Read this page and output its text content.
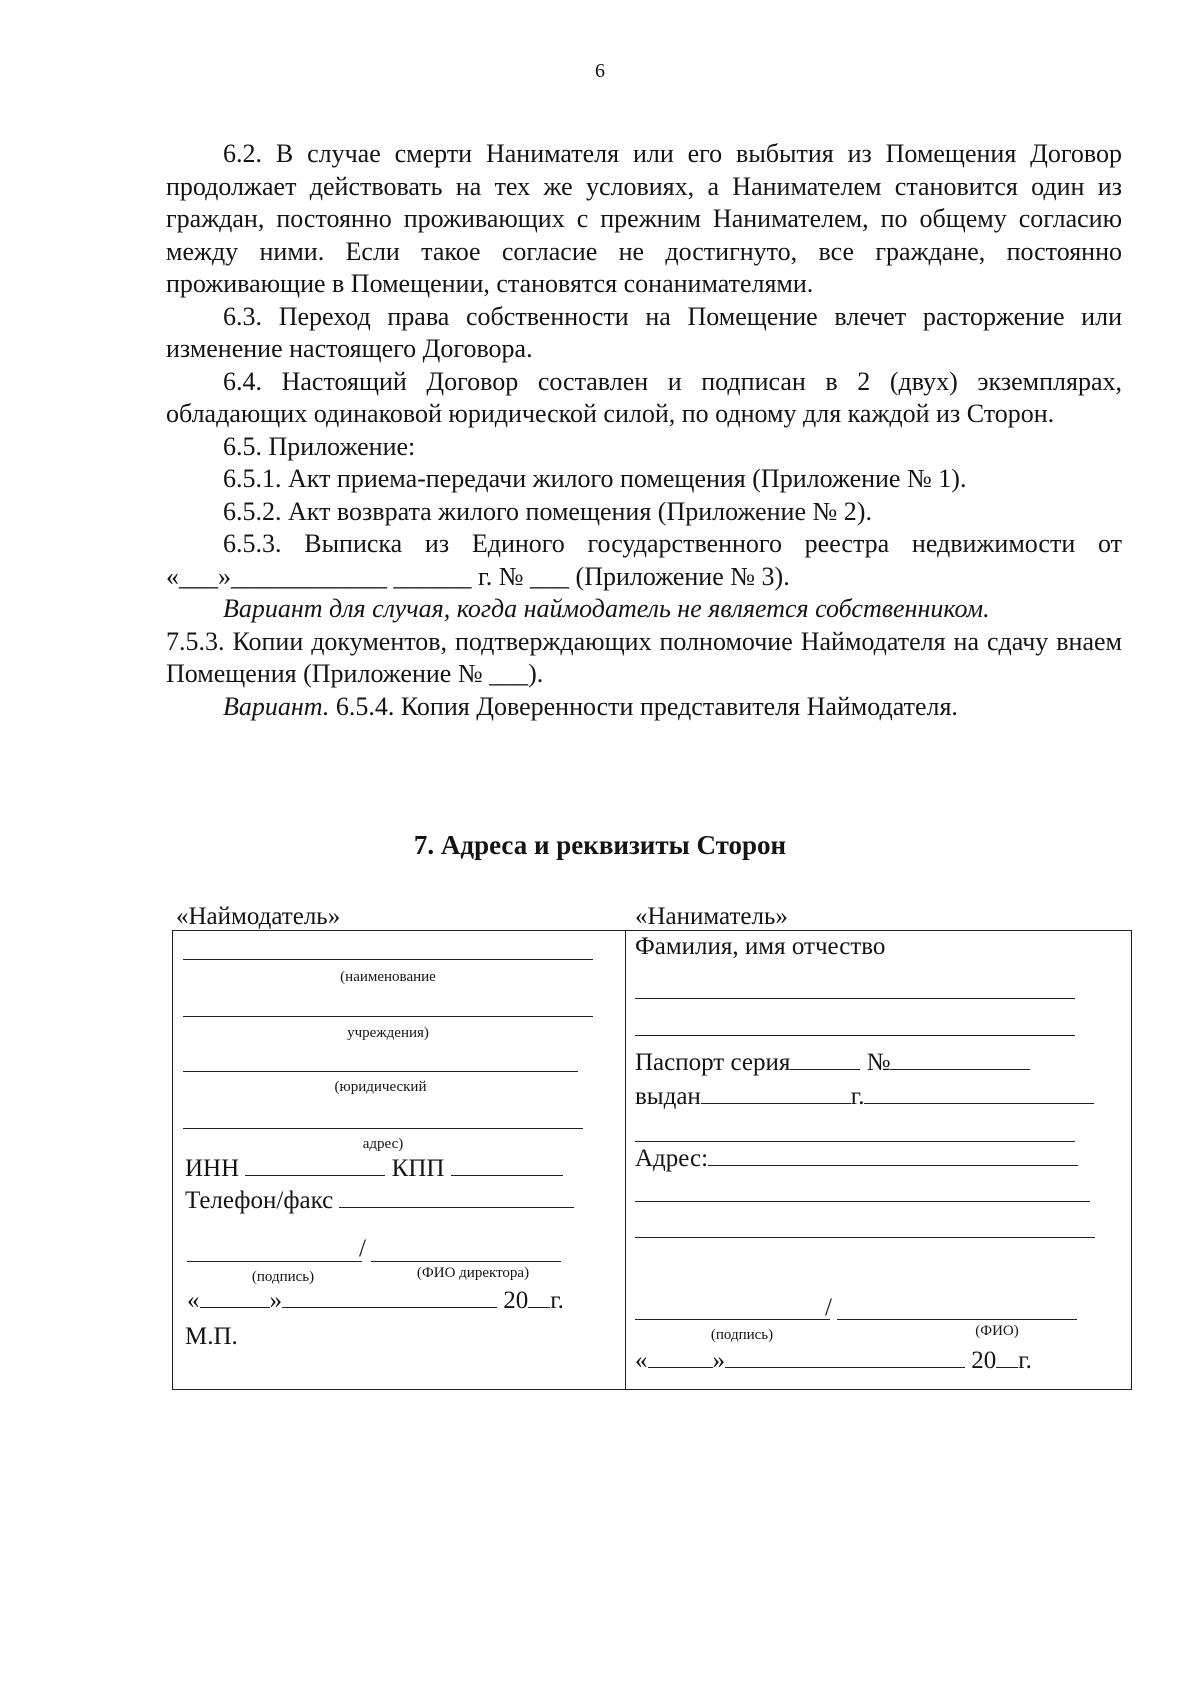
6

6.2. В случае смерти Нанимателя или его выбытия из Помещения Договор продолжает действовать на тех же условиях, а Нанимателем становится один из граждан, постоянно проживающих с прежним Нанимателем, по общему согласию между ними. Если такое согласие не достигнуто, все граждане, постоянно проживающие в Помещении, становятся сонанимателями.

6.3. Переход права собственности на Помещение влечет расторжение или изменение настоящего Договора.

6.4. Настоящий Договор составлен и подписан в 2 (двух) экземплярах, обладающих одинаковой юридической силой, по одному для каждой из Сторон.

6.5. Приложение:

6.5.1. Акт приема-передачи жилого помещения (Приложение № 1).

6.5.2. Акт возврата жилого помещения (Приложение № 2).

6.5.3. Выписка из Единого государственного реестра недвижимости от «___»____________ ______ г. № ___ (Приложение № 3).

Вариант для случая, когда наймодатель не является собственником.

7.5.3. Копии документов, подтверждающих полномочие Наймодателя на сдачу внаем Помещения (Приложение № ___).

Вариант. 6.5.4. Копия Доверенности представителя Наймодателя.

7. Адреса и реквизиты Сторон
«Наймодатель»	«Наниматель»
(наименование
учреждения)
(юридический
адрес)
ИНН	КПП
Телефон/факс
/
(подпись)	(ФИО директора)
«	»	20 г.
М.П.
Фамилия, имя отчество
Паспорт серия	№
выдан	г.
Адрес:
/
(подпись)	(ФИО)
«	»	20 г.
